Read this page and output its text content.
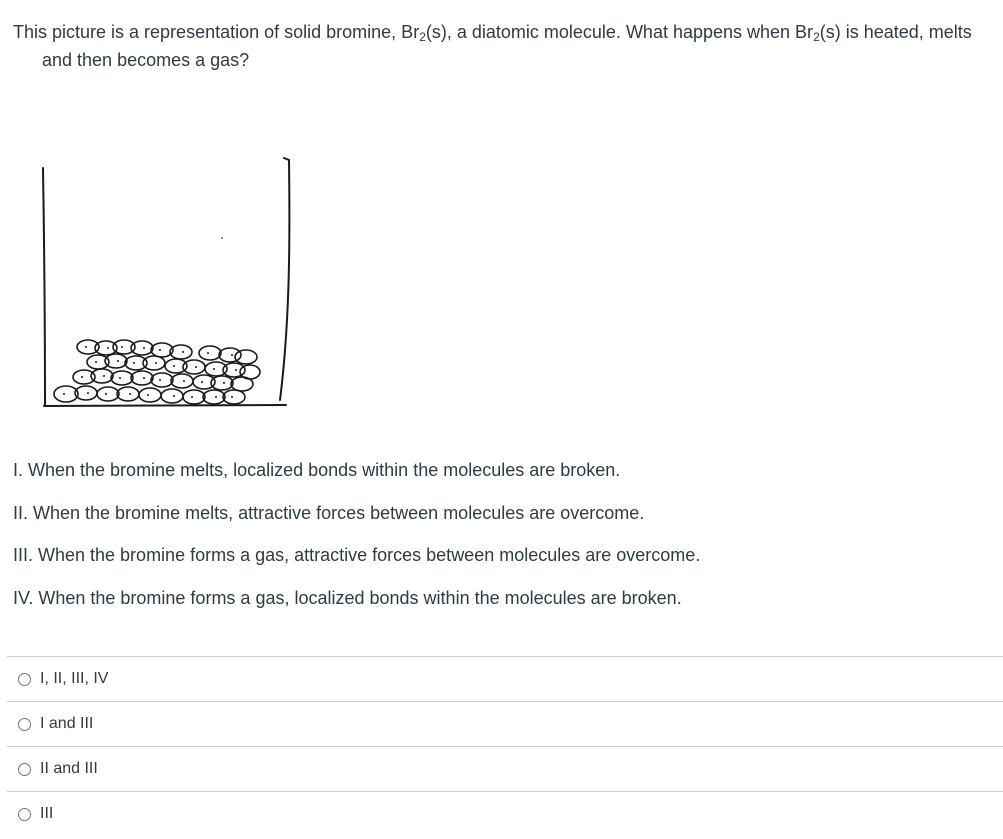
This picture is a representation of solid bromine, $Br_2(s)$, a diatomic molecule. What happens when $Br_2(s)$ is heated, melts and then becomes a gas?
I. When the bromine melts, localized bonds within the molecules are broken.
II. When the bromine melts, attractive forces between molecules are overcome.
III. When the bromine forms a gas, attractive forces between molecules are overcome.
IV. When the bromine forms a gas, localized bonds within the molecules are broken.
I, II, III, IV
I and III
II and III
III
